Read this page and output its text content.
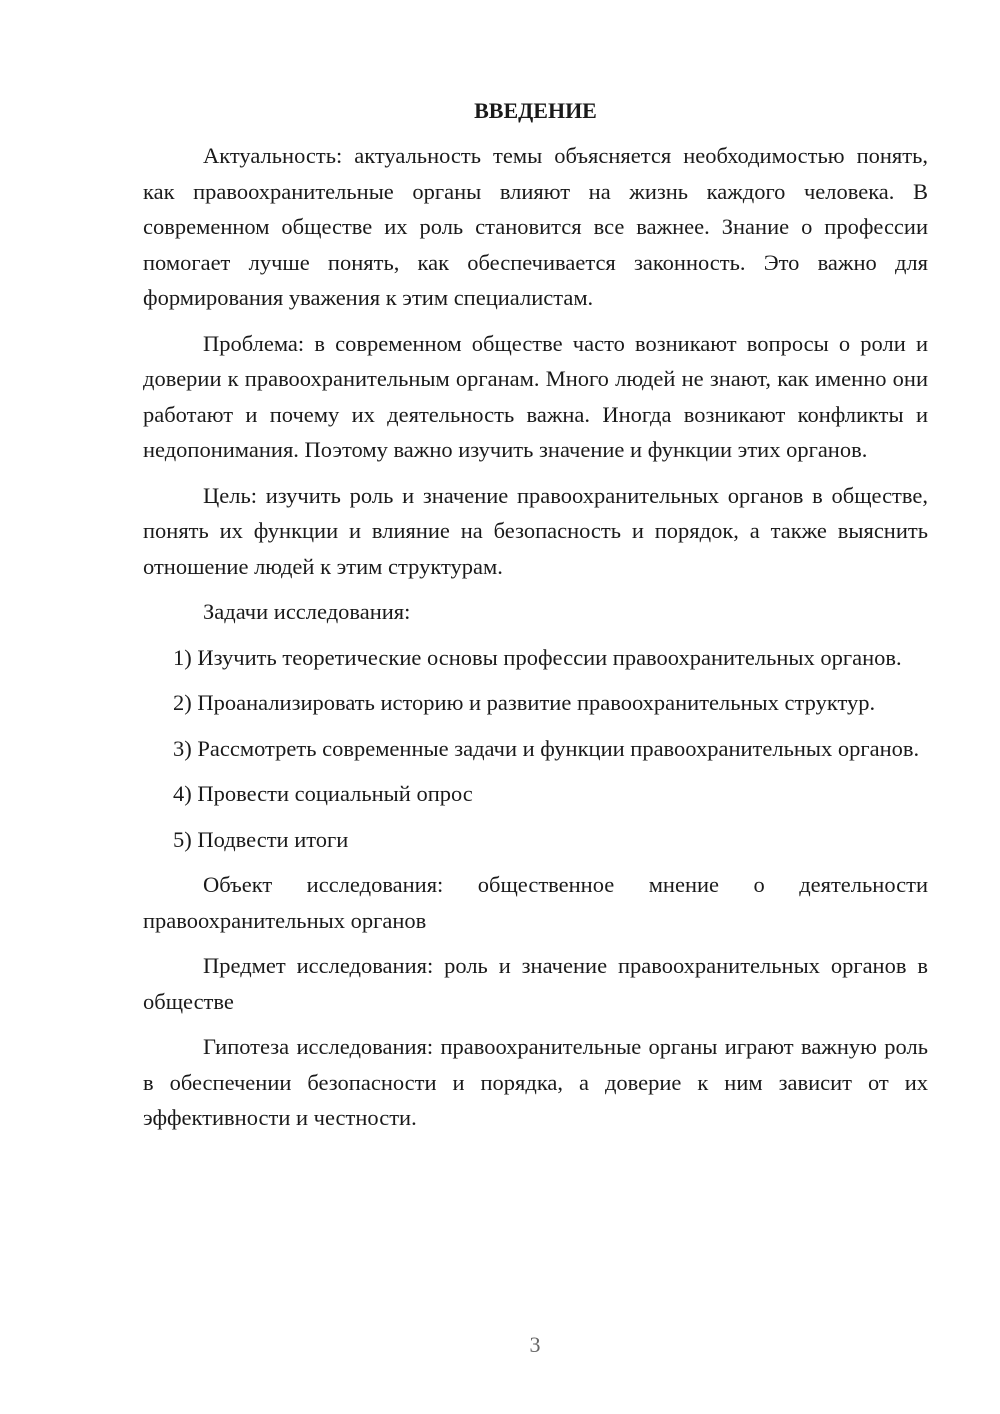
ВВЕДЕНИЕ

Актуальность: актуальность темы объясняется необходимостью понять, как правоохранительные органы влияют на жизнь каждого человека. В современном обществе их роль становится все важнее. Знание о профессии помогает лучше понять, как обеспечивается законность. Это важно для формирования уважения к этим специалистам.

Проблема: в современном обществе часто возникают вопросы о роли и доверии к правоохранительным органам. Много людей не знают, как именно они работают и почему их деятельность важна. Иногда возникают конфликты и недопонимания. Поэтому важно изучить значение и функции этих органов.

Цель: изучить роль и значение правоохранительных органов в обществе, понять их функции и влияние на безопасность и порядок, а также выяснить отношение людей к этим структурам.

Задачи исследования:

1) Изучить теоретические основы профессии правоохранительных органов.

2) Проанализировать историю и развитие правоохранительных структур.

3) Рассмотреть современные задачи и функции правоохранительных органов.

4) Провести социальный опрос

5) Подвести итоги

Объект исследования: общественное мнение о деятельности правоохранительных органов

Предмет исследования: роль и значение правоохранительных органов в обществе

Гипотеза исследования: правоохранительные органы играют важную роль в обеспечении безопасности и порядка, а доверие к ним зависит от их эффективности и честности.

3
